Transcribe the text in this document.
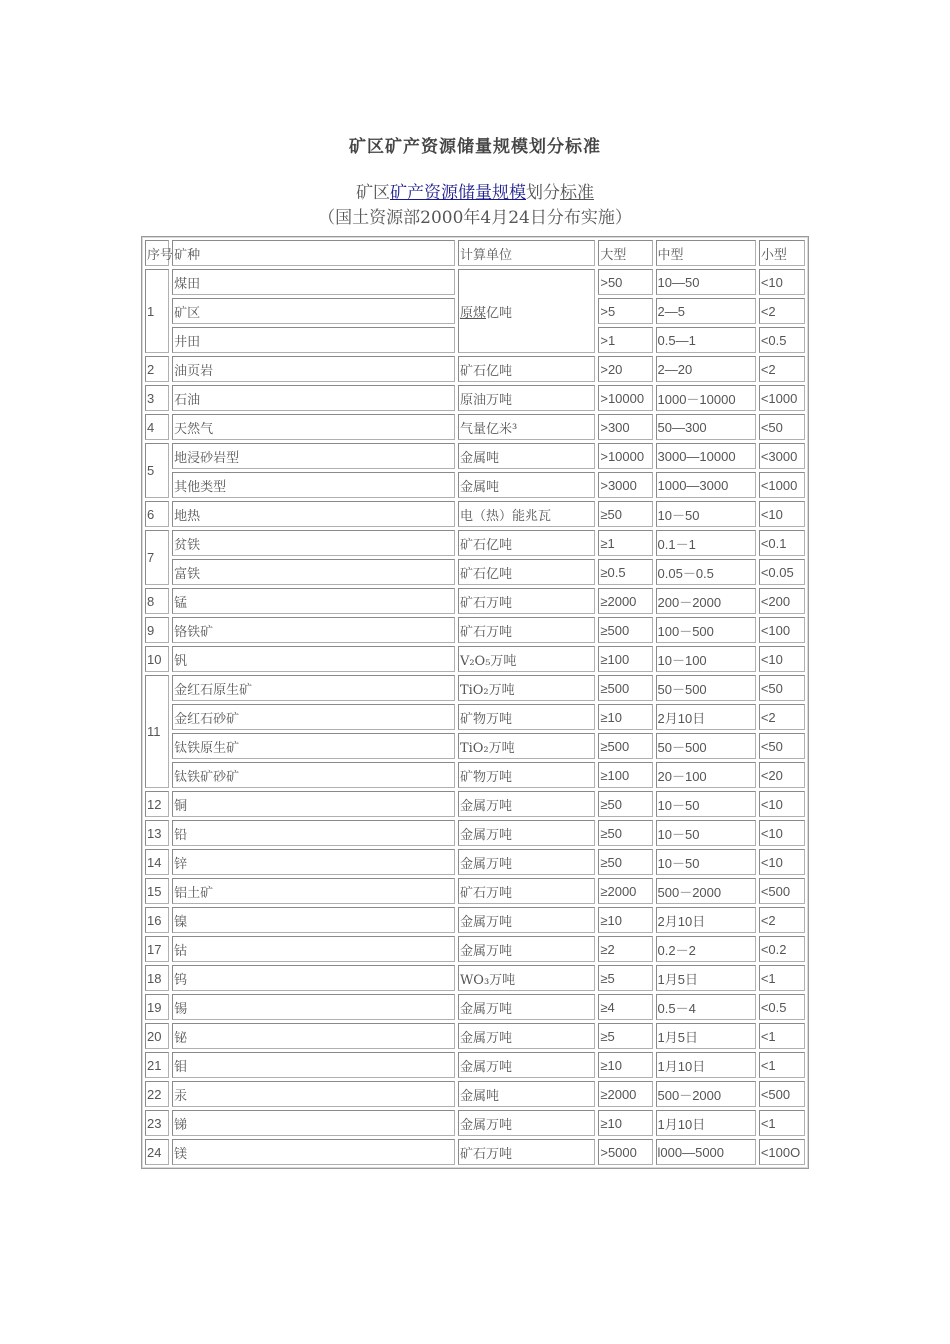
矿区矿产资源储量规模划分标准
矿区矿产资源储量规模划分标准
（国土资源部2000年4月24日分布实施）
序号	矿种	计算单位	大型	中型	小型
1	煤田	原煤亿吨	>50	10—50	<10
	矿区		>5	2—5	<2
	井田		>1	0.5—1	<0.5
2	油页岩	矿石亿吨	>20	2—20	<2
3	石油	原油万吨	>10000	1000－10000	<1000
4	天然气	气量亿米³	>300	50—300	<50
5	地浸砂岩型	金属吨	>10000	3000—10000	<3000
	其他类型	金属吨	>3000	1000—3000	<1000
6	地热	电（热）能兆瓦	≥50	10－50	<10
7	贫铁	矿石亿吨	≥1	0.1－1	<0.1
	富铁	矿石亿吨	≥0.5	0.05－0.5	<0.05
8	锰	矿石万吨	≥2000	200－2000	<200
9	铬铁矿	矿石万吨	≥500	100－500	<100
10	钒	V₂O₅万吨	≥100	10－100	<10
11	金红石原生矿	TiO₂万吨	≥500	50－500	<50
	金红石砂矿	矿物万吨	≥10	2月10日	<2
	钛铁原生矿	TiO₂万吨	≥500	50－500	<50
	钛铁矿砂矿	矿物万吨	≥100	20－100	<20
12	铜	金属万吨	≥50	10－50	<10
13	铅	金属万吨	≥50	10－50	<10
14	锌	金属万吨	≥50	10－50	<10
15	铝土矿	矿石万吨	≥2000	500－2000	<500
16	镍	金属万吨	≥10	2月10日	<2
17	钴	金属万吨	≥2	0.2－2	<0.2
18	钨	WO₃万吨	≥5	1月5日	<1
19	锡	金属万吨	≥4	0.5－4	<0.5
20	铋	金属万吨	≥5	1月5日	<1
21	钼	金属万吨	≥10	1月10日	<1
22	汞	金属吨	≥2000	500－2000	<500
23	锑	金属万吨	≥10	1月10日	<1
24	镁	矿石万吨	>5000	l000—5000	<100O
